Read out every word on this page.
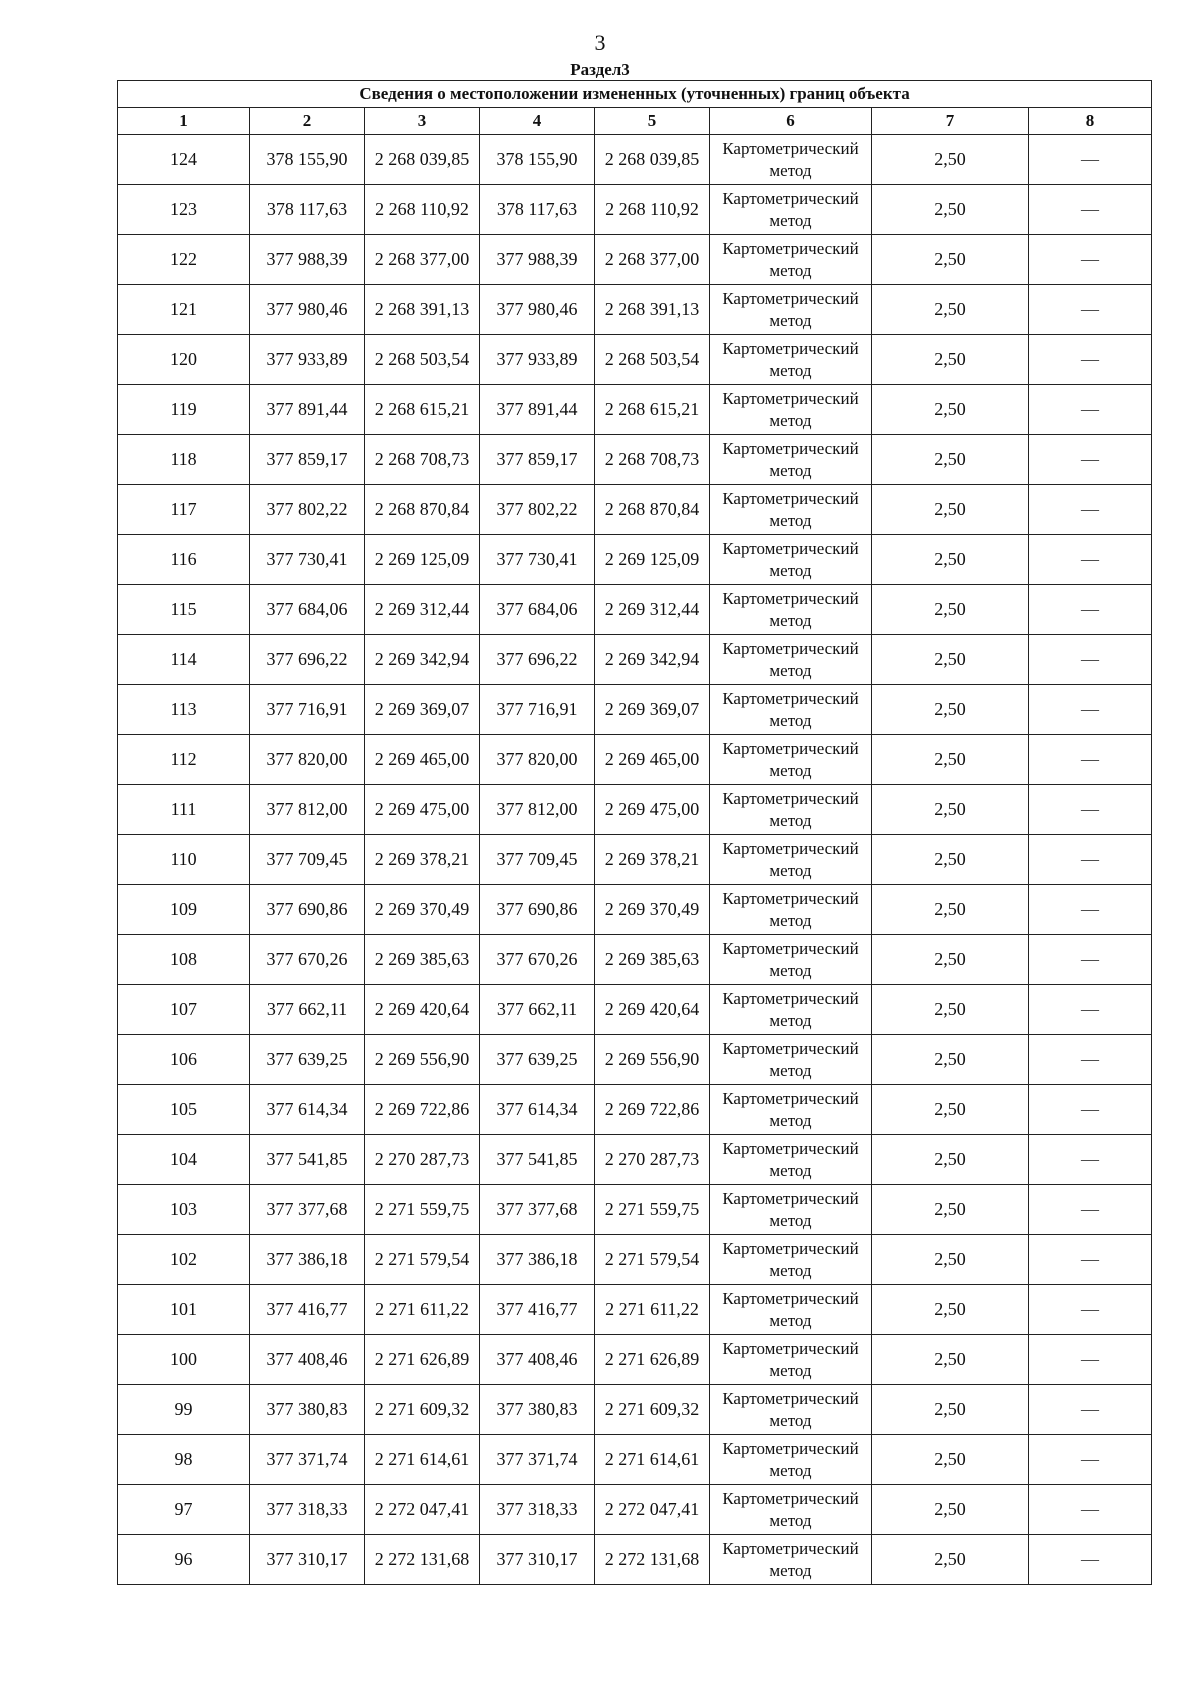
3
Раздел3
Сведения о местоположении измененных (уточненных) границ объекта							
1	2	3	4	5	6	7	8
124	378 155,90	2 268 039,85	378 155,90	2 268 039,85	Картометрический метод	2,50	—
123	378 117,63	2 268 110,92	378 117,63	2 268 110,92	Картометрический метод	2,50	—
122	377 988,39	2 268 377,00	377 988,39	2 268 377,00	Картометрический метод	2,50	—
121	377 980,46	2 268 391,13	377 980,46	2 268 391,13	Картометрический метод	2,50	—
120	377 933,89	2 268 503,54	377 933,89	2 268 503,54	Картометрический метод	2,50	—
119	377 891,44	2 268 615,21	377 891,44	2 268 615,21	Картометрический метод	2,50	—
118	377 859,17	2 268 708,73	377 859,17	2 268 708,73	Картометрический метод	2,50	—
117	377 802,22	2 268 870,84	377 802,22	2 268 870,84	Картометрический метод	2,50	—
116	377 730,41	2 269 125,09	377 730,41	2 269 125,09	Картометрический метод	2,50	—
115	377 684,06	2 269 312,44	377 684,06	2 269 312,44	Картометрический метод	2,50	—
114	377 696,22	2 269 342,94	377 696,22	2 269 342,94	Картометрический метод	2,50	—
113	377 716,91	2 269 369,07	377 716,91	2 269 369,07	Картометрический метод	2,50	—
112	377 820,00	2 269 465,00	377 820,00	2 269 465,00	Картометрический метод	2,50	—
111	377 812,00	2 269 475,00	377 812,00	2 269 475,00	Картометрический метод	2,50	—
110	377 709,45	2 269 378,21	377 709,45	2 269 378,21	Картометрический метод	2,50	—
109	377 690,86	2 269 370,49	377 690,86	2 269 370,49	Картометрический метод	2,50	—
108	377 670,26	2 269 385,63	377 670,26	2 269 385,63	Картометрический метод	2,50	—
107	377 662,11	2 269 420,64	377 662,11	2 269 420,64	Картометрический метод	2,50	—
106	377 639,25	2 269 556,90	377 639,25	2 269 556,90	Картометрический метод	2,50	—
105	377 614,34	2 269 722,86	377 614,34	2 269 722,86	Картометрический метод	2,50	—
104	377 541,85	2 270 287,73	377 541,85	2 270 287,73	Картометрический метод	2,50	—
103	377 377,68	2 271 559,75	377 377,68	2 271 559,75	Картометрический метод	2,50	—
102	377 386,18	2 271 579,54	377 386,18	2 271 579,54	Картометрический метод	2,50	—
101	377 416,77	2 271 611,22	377 416,77	2 271 611,22	Картометрический метод	2,50	—
100	377 408,46	2 271 626,89	377 408,46	2 271 626,89	Картометрический метод	2,50	—
99	377 380,83	2 271 609,32	377 380,83	2 271 609,32	Картометрический метод	2,50	—
98	377 371,74	2 271 614,61	377 371,74	2 271 614,61	Картометрический метод	2,50	—
97	377 318,33	2 272 047,41	377 318,33	2 272 047,41	Картометрический метод	2,50	—
96	377 310,17	2 272 131,68	377 310,17	2 272 131,68	Картометрический метод	2,50	—
